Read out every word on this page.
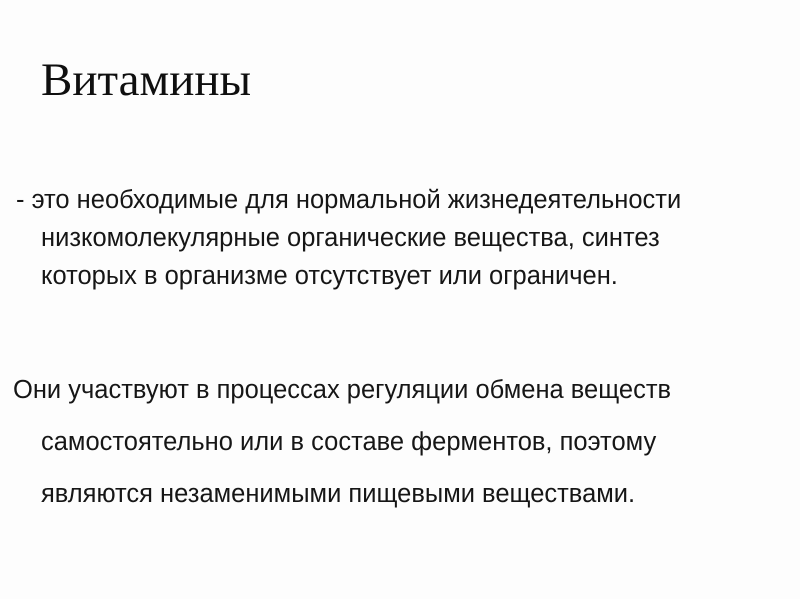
Витамины

- это необходимые для нормальной жизнедеятельности
низкомолекулярные органические вещества, синтез
которых в организме отсутствует или ограничен.

Они участвуют в процессах регуляции обмена веществ
самостоятельно или в составе ферментов, поэтому
являются незаменимыми пищевыми веществами.
